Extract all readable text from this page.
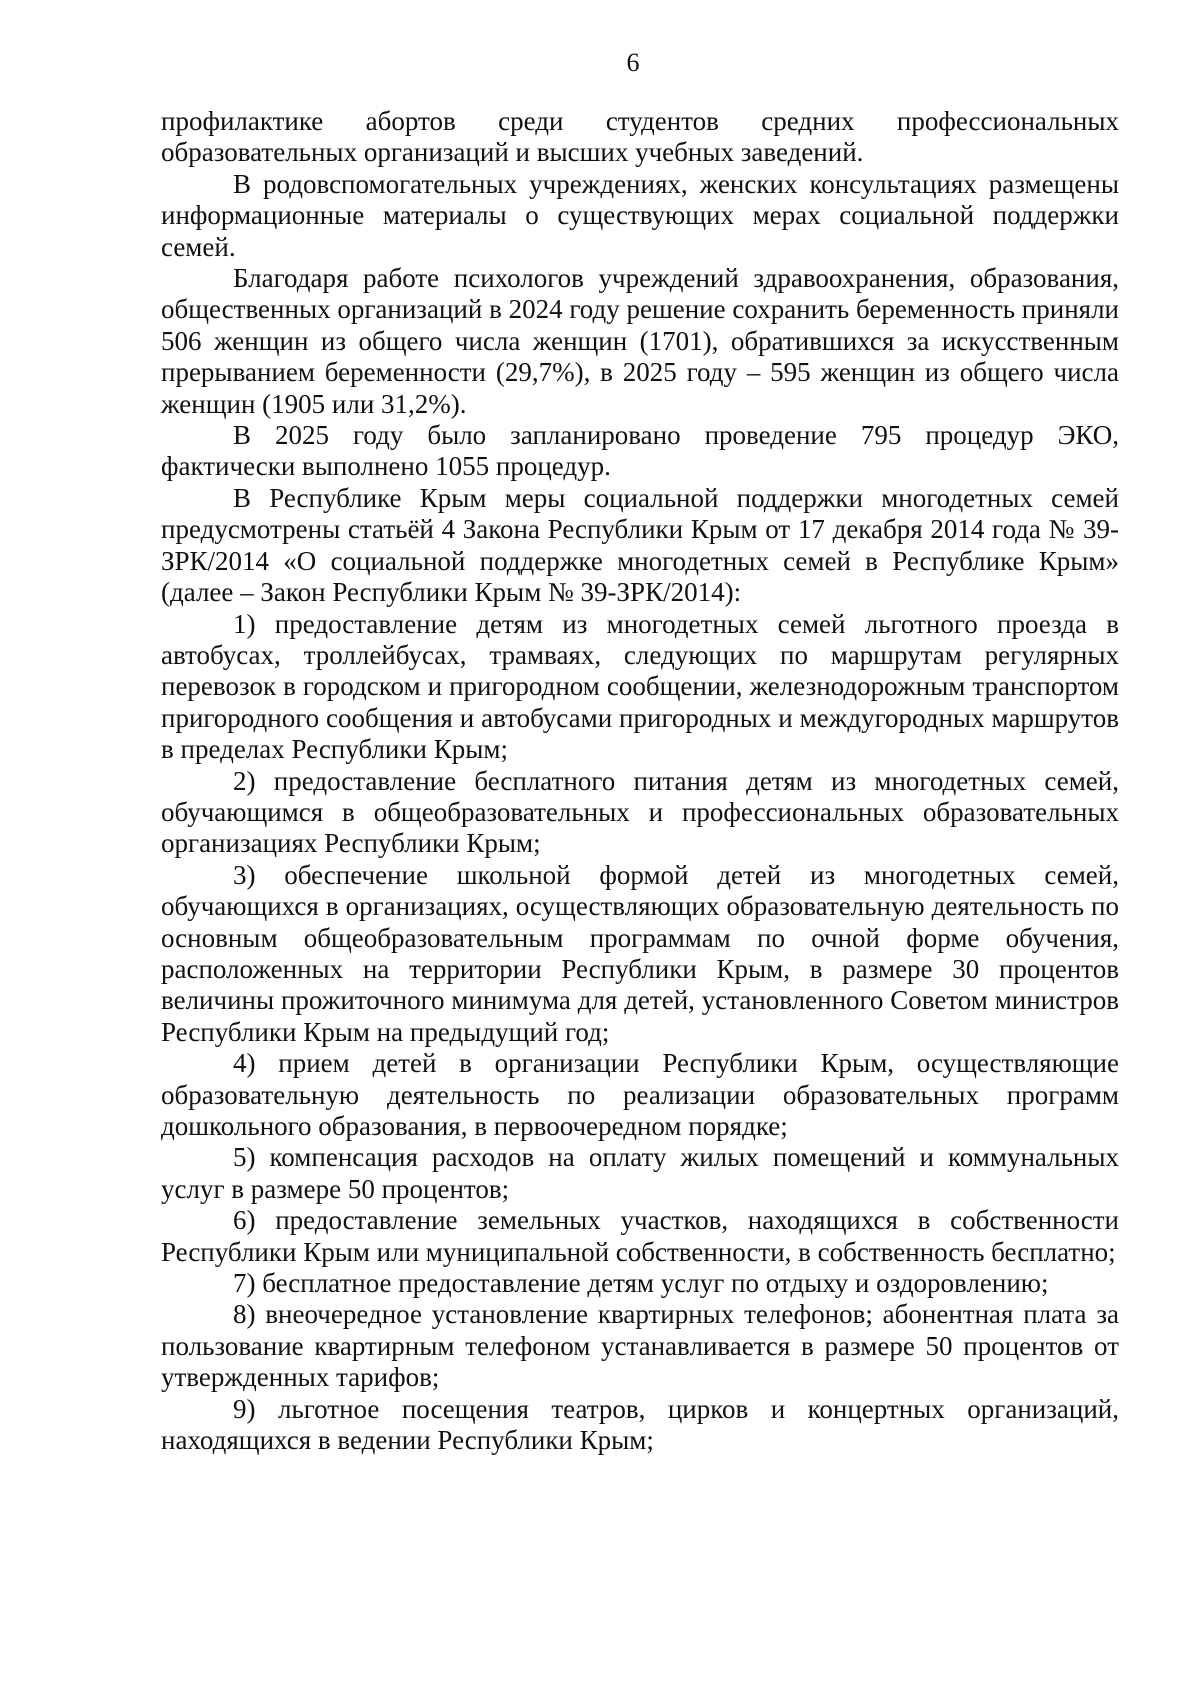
6

профилактике абортов среди студентов средних профессиональных образовательных организаций и высших учебных заведений.

В родовспомогательных учреждениях, женских консультациях размещены информационные материалы о существующих мерах социальной поддержки семей.

Благодаря работе психологов учреждений здравоохранения, образования, общественных организаций в 2024 году решение сохранить беременность приняли 506 женщин из общего числа женщин (1701), обратившихся за искусственным прерыванием беременности (29,7%), в 2025 году – 595 женщин из общего числа женщин (1905 или 31,2%).

В 2025 году было запланировано проведение 795 процедур ЭКО, фактически выполнено 1055 процедур.

В Республике Крым меры социальной поддержки многодетных семей предусмотрены статьёй 4 Закона Республики Крым от 17 декабря 2014 года № 39-ЗРК/2014 «О социальной поддержке многодетных семей в Республике Крым» (далее – Закон Республики Крым № 39-ЗРК/2014):

1) предоставление детям из многодетных семей льготного проезда в автобусах, троллейбусах, трамваях, следующих по маршрутам регулярных перевозок в городском и пригородном сообщении, железнодорожным транспортом пригородного сообщения и автобусами пригородных и междугородных маршрутов в пределах Республики Крым;

2) предоставление бесплатного питания детям из многодетных семей, обучающимся в общеобразовательных и профессиональных образовательных организациях Республики Крым;

3) обеспечение школьной формой детей из многодетных семей, обучающихся в организациях, осуществляющих образовательную деятельность по основным общеобразовательным программам по очной форме обучения, расположенных на территории Республики Крым, в размере 30 процентов величины прожиточного минимума для детей, установленного Советом министров Республики Крым на предыдущий год;

4) прием детей в организации Республики Крым, осуществляющие образовательную деятельность по реализации образовательных программ дошкольного образования, в первоочередном порядке;

5) компенсация расходов на оплату жилых помещений и коммунальных услуг в размере 50 процентов;

6) предоставление земельных участков, находящихся в собственности Республики Крым или муниципальной собственности, в собственность бесплатно;

7) бесплатное предоставление детям услуг по отдыху и оздоровлению;

8) внеочередное установление квартирных телефонов; абонентная плата за пользование квартирным телефоном устанавливается в размере 50 процентов от утвержденных тарифов;

9) льготное посещения театров, цирков и концертных организаций, находящихся в ведении Республики Крым;
